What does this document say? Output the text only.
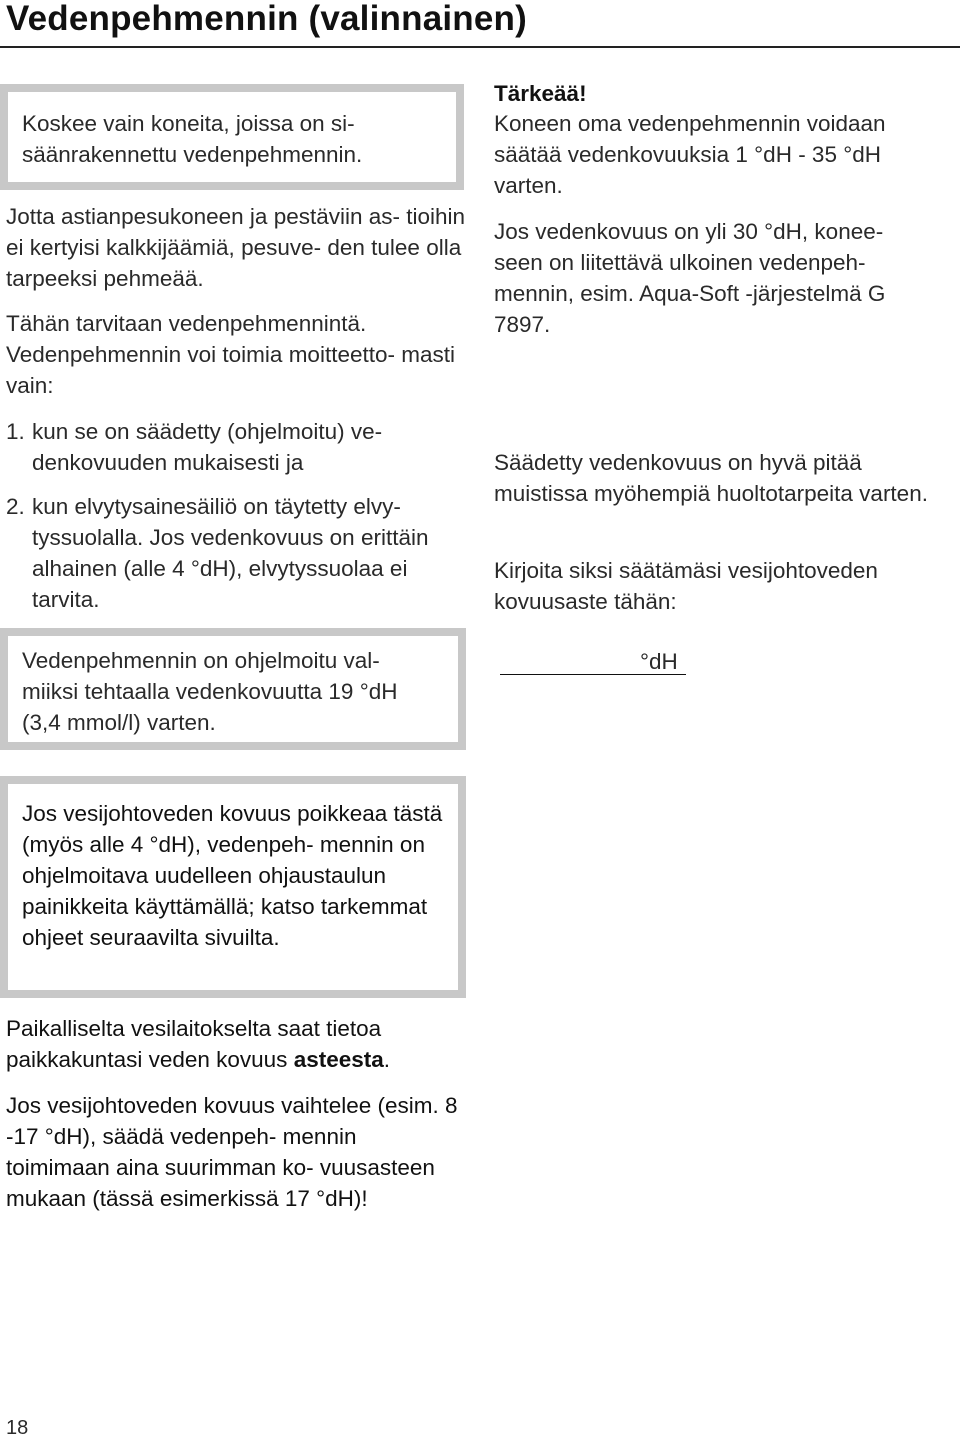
Vedenpehmennin (valinnainen)
Koskee vain koneita, joissa on si- säänrakennettu vedenpehmennin.
Jotta astianpesukoneen ja pestäviin as- tioihin ei kertyisi kalkkijäämiä, pesuve- den tulee olla tarpeeksi pehmeää.
Tähän tarvitaan vedenpehmennintä. Vedenpehmennin voi toimia moitteetto- masti vain:
1. kun se on säädetty (ohjelmoitu) ve- denkovuuden mukaisesti ja
2. kun elvytysainesäiliö on täytetty elvy- tyssuolalla. Jos vedenkovuus on erittäin alhainen (alle 4 °dH), elvytyssuolaa ei tarvita.
Vedenpehmennin on ohjelmoitu val- miiksi tehtaalla vedenkovuutta 19 °dH (3,4 mmol/l) varten.
Jos vesijohtoveden kovuus poikkeaa tästä (myös alle 4 °dH), vedenpeh- mennin on ohjelmoitava uudelleen ohjaustaulun painikkeita käyttämällä; katso tarkemmat ohjeet seuraavilta sivuilta.
Paikalliselta vesilaitokselta saat tietoa paikkakuntasi veden kovuus asteesta.
Jos vesijohtoveden kovuus vaihtelee (esim. 8 -17 °dH), säädä vedenpeh- mennin toimimaan aina suurimman ko- vuusasteen mukaan (tässä esimerkissä 17 °dH)!
Tärkeää!
Koneen oma vedenpehmennin voidaan säätää vedenkovuuksia 1 °dH - 35 °dH varten.
Jos vedenkovuus on yli 30 °dH, konee- seen on liitettävä ulkoinen vedenpeh- mennin, esim. Aqua-Soft -järjestelmä G 7897.
Säädetty vedenkovuus on hyvä pitää muistissa myöhempiä huoltotarpeita varten.
Kirjoita siksi säätämäsi vesijohtoveden kovuusaste tähän:
°dH
18
